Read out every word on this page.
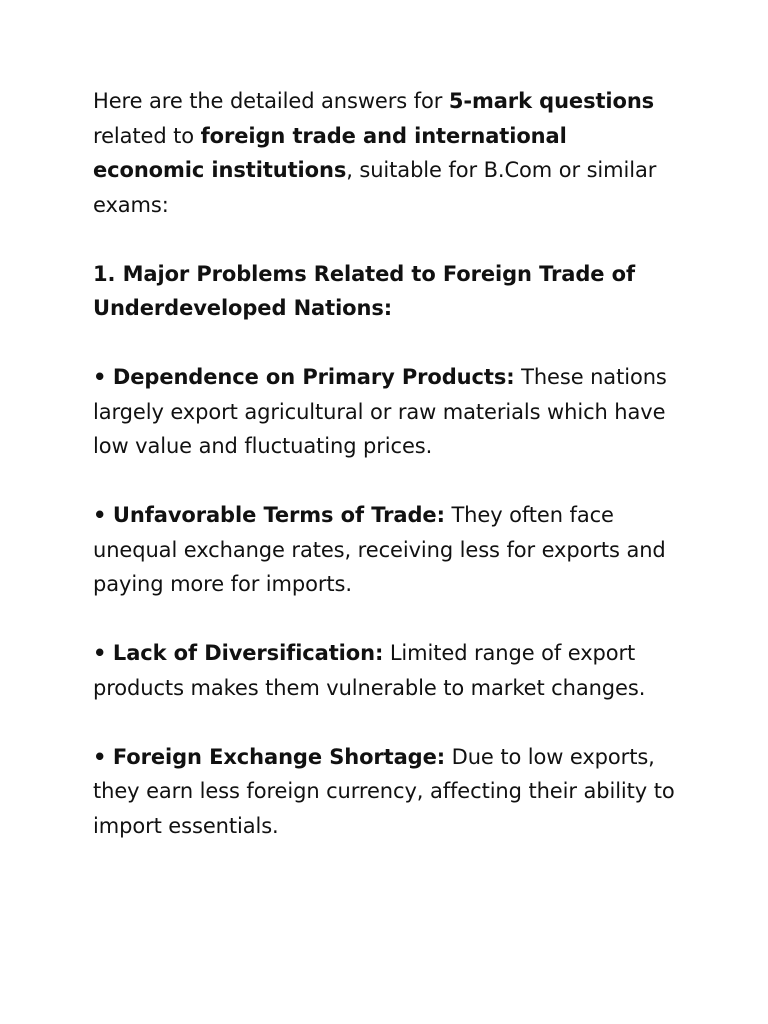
Here are the detailed answers for 5-mark questions related to foreign trade and international economic institutions, suitable for B.Com or similar exams:

1. Major Problems Related to Foreign Trade of Underdeveloped Nations:

• Dependence on Primary Products: These nations largely export agricultural or raw materials which have low value and fluctuating prices.

• Unfavorable Terms of Trade: They often face unequal exchange rates, receiving less for exports and paying more for imports.

• Lack of Diversification: Limited range of export products makes them vulnerable to market changes.

• Foreign Exchange Shortage: Due to low exports, they earn less foreign currency, affecting their ability to import essentials.
